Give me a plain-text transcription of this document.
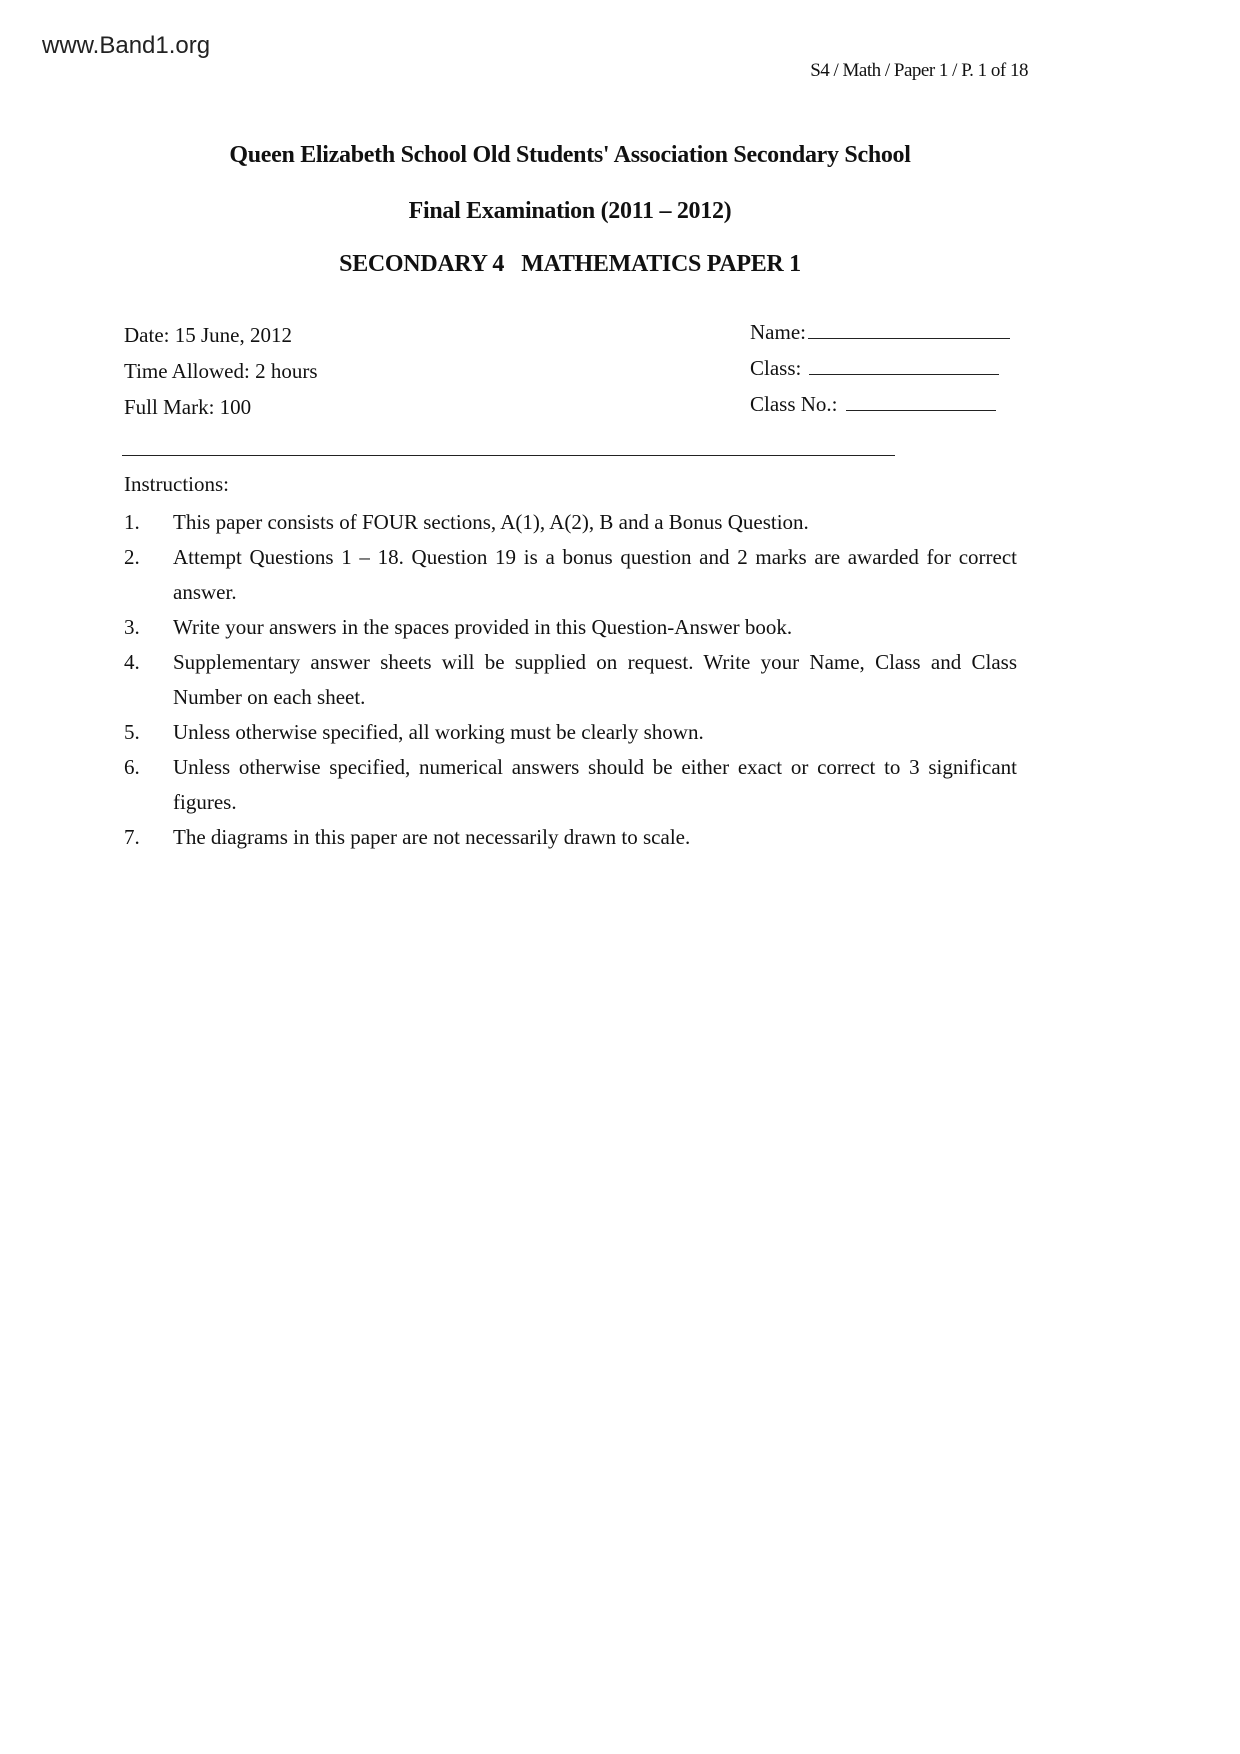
www.Band1.org
S4 / Math / Paper 1 / P. 1 of 18
Queen Elizabeth School Old Students' Association Secondary School
Final Examination (2011 – 2012)
SECONDARY 4   MATHEMATICS PAPER 1
Date: 15 June, 2012
Time Allowed: 2 hours
Full Mark: 100
Name:
Class:
Class No.:
Instructions:
1.	This paper consists of FOUR sections, A(1), A(2), B and a Bonus Question.
2.	Attempt Questions 1 – 18. Question 19 is a bonus question and 2 marks are awarded for correct answer.
3.	Write your answers in the spaces provided in this Question-Answer book.
4.	Supplementary answer sheets will be supplied on request. Write your Name, Class and Class Number on each sheet.
5.	Unless otherwise specified, all working must be clearly shown.
6.	Unless otherwise specified, numerical answers should be either exact or correct to 3 significant figures.
7.	The diagrams in this paper are not necessarily drawn to scale.
